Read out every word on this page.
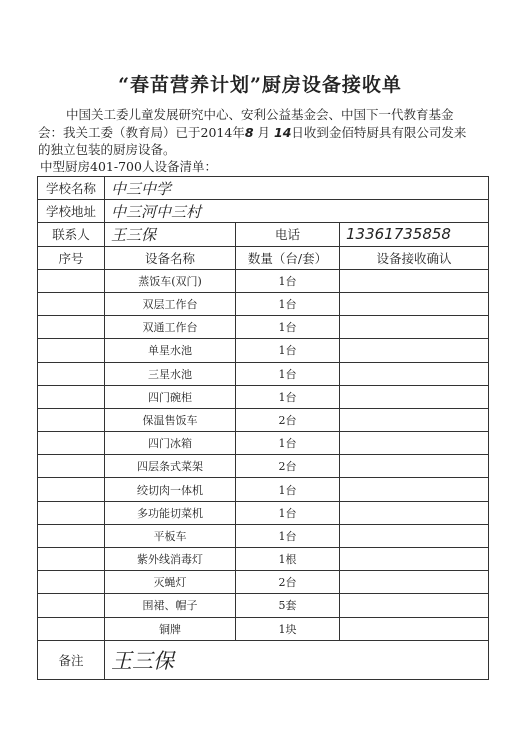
“春苗营养计划”厨房设备接收单
中国关工委儿童发展研究中心、安利公益基金会、中国下一代教育基金
会：我关工委（教育局）已于2014年8 月 14日收到金佰特厨具有限公司发来
的独立包装的厨房设备。
中型厨房401-700人设备清单：
学校名称	中三中学		
学校地址	中三河中三村		
联系人	王三保	电话	13361735858
序号	设备名称	数量（台/套）	设备接收确认
	蒸饭车(双门)	1台	
	双层工作台	1台	
	双通工作台	1台	
	单星水池	1台	
	三星水池	1台	
	四门碗柜	1台	
	保温售饭车	2台	
	四门冰箱	1台	
	四层条式菜架	2台	
	绞切肉一体机	1台	
	多功能切菜机	1台	
	平板车	1台	
	紫外线消毒灯	1根	
	灭蝇灯	2台	
	围裙、帽子	5套	
	铜牌	1块	
备注	王三保		
